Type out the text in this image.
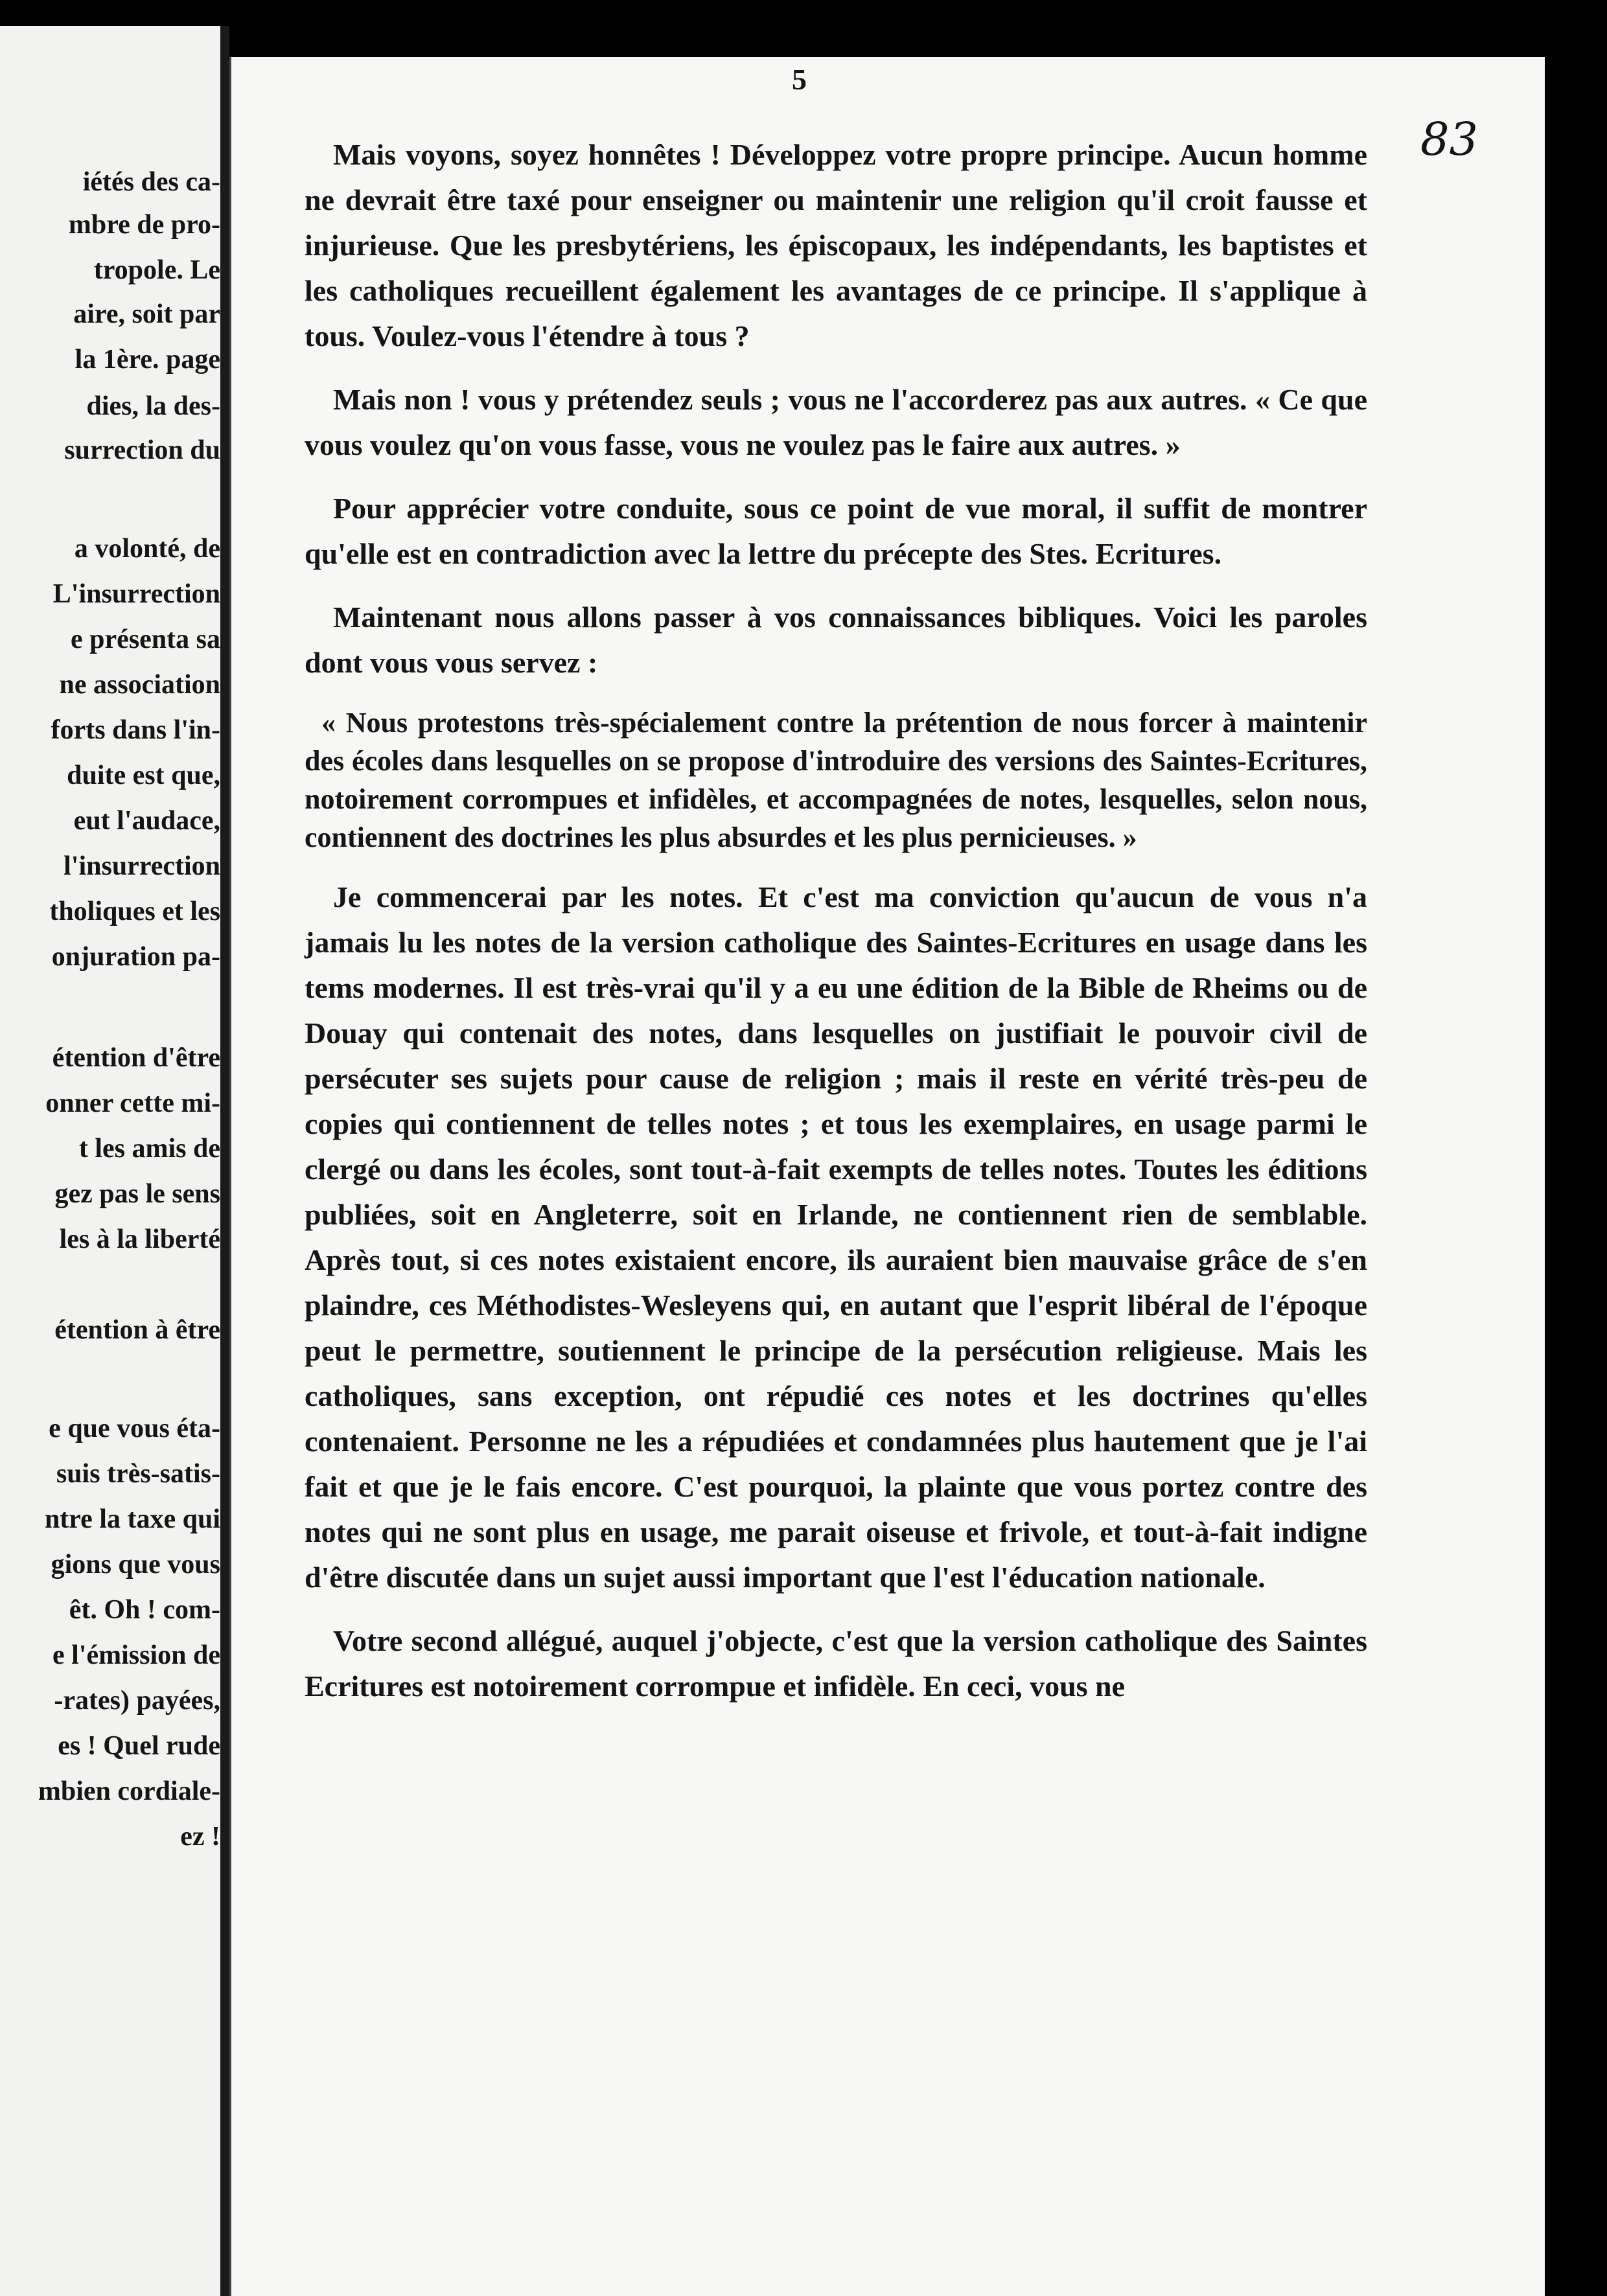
iétés des ca-
mbre de pro-
tropole. Le
aire, soit par
la 1ère. page
dies, la des-
surrection du
a volonté, de
L'insurrection
e présenta sa
ne association
forts dans l'in-
duite est que,
eut l'audace,
l'insurrection
tholiques et les
onjuration pa-
étention d'être
onner cette mi-
t les amis de
gez pas le sens
les à la liberté
étention à être
e que vous éta-
suis très-satis-
ntre la taxe qui
gions que vous
êt. Oh ! com-
e l'émission de
-rates) payées,
es ! Quel rude
mbien cordiale-
ez !
5
83

Mais voyons, soyez honnêtes ! Développez votre propre principe. Aucun homme ne devrait être taxé pour enseigner ou maintenir une religion qu'il croit fausse et injurieuse. Que les presbytériens, les épiscopaux, les indépendants, les baptistes et les catholiques recueillent également les avantages de ce principe. Il s'applique à tous. Voulez-vous l'étendre à tous ?

Mais non ! vous y prétendez seuls ; vous ne l'accorderez pas aux autres. « Ce que vous voulez qu'on vous fasse, vous ne voulez pas le faire aux autres. »

Pour apprécier votre conduite, sous ce point de vue moral, il suffit de montrer qu'elle est en contradiction avec la lettre du précepte des Stes. Ecritures.

Maintenant nous allons passer à vos connaissances bibliques. Voici les paroles dont vous vous servez :

« Nous protestons très-spécialement contre la prétention de nous forcer à maintenir des écoles dans lesquelles on se propose d'introduire des versions des Saintes-Ecritures, notoirement corrompues et infidèles, et accompagnées de notes, lesquelles, selon nous, contiennent des doctrines les plus absurdes et les plus pernicieuses. »

Je commencerai par les notes. Et c'est ma conviction qu'aucun de vous n'a jamais lu les notes de la version catholique des Saintes-Ecritures en usage dans les tems modernes. Il est très-vrai qu'il y a eu une édition de la Bible de Rheims ou de Douay qui contenait des notes, dans lesquelles on justifiait le pouvoir civil de persécuter ses sujets pour cause de religion ; mais il reste en vérité très-peu de copies qui contiennent de telles notes ; et tous les exemplaires, en usage parmi le clergé ou dans les écoles, sont tout-à-fait exempts de telles notes. Toutes les éditions publiées, soit en Angleterre, soit en Irlande, ne contiennent rien de semblable. Après tout, si ces notes existaient encore, ils auraient bien mauvaise grâce de s'en plaindre, ces Méthodistes-Wesleyens qui, en autant que l'esprit libéral de l'époque peut le permettre, soutiennent le principe de la persécution religieuse. Mais les catholiques, sans exception, ont répudié ces notes et les doctrines qu'elles contenaient. Personne ne les a répudiées et condamnées plus hautement que je l'ai fait et que je le fais encore. C'est pourquoi, la plainte que vous portez contre des notes qui ne sont plus en usage, me parait oiseuse et frivole, et tout-à-fait indigne d'être discutée dans un sujet aussi important que l'est l'éducation nationale.

Votre second allégué, auquel j'objecte, c'est que la version catholique des Saintes Ecritures est notoirement corrompue et infidèle. En ceci, vous ne
